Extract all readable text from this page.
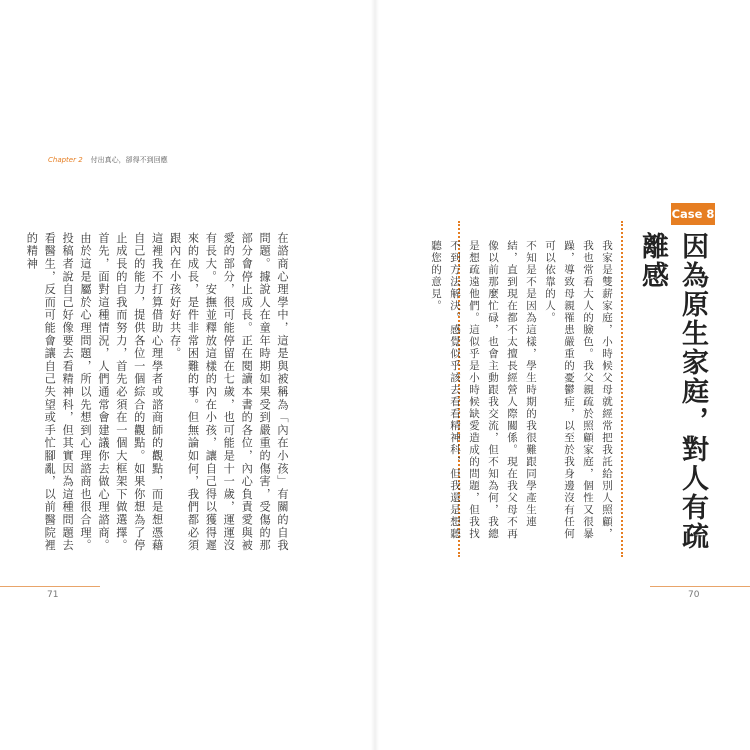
Chapter 2 付出真心，卻得不到回應

在諮商心理學中，這是與被稱為「內在小孩」有關的自我問題。據說人在童年時期如果受到嚴重的傷害，受傷的那部分會停止成長。正在閱讀本書的各位，內心負責愛與被愛的部分，很可能停留在七歲，也可能是十一歲，運運沒有長大。安撫並釋放這樣的內在小孩，讓自己得以獲得遲來的成長，是件非常困難的事。但無論如何，我們都必須跟內在小孩好好共存。

這裡我不打算借助心理學者或諮商師的觀點，而是想憑藉自己的能力，提供各位一個綜合的觀點。如果你想為了停止成長的自我而努力，首先必須在一個大框架下做選擇。

首先，面對這種情況，人們通常會建議你去做心理諮商。由於這是屬於心理問題，所以先想到心理諮商也很合理。投稿者說自己好像要去看精神科，但其實因為這種問題去看醫生，反而可能會讓自己失望或手忙腳亂，以前醫院裡的精神	我家是雙薪家庭，小時候父母就經常把我託給別人照顧，我也常看大人的臉色。我父親疏於照顧家庭，個性又很暴躁，導致母親罹患嚴重的憂鬱症，以至於我身邊沒有任何可以依靠的人。

不知是不是因為這樣，學生時期的我很難跟同學產生連結，直到現在都不太擅長經營人際關係。現在我父母不再像以前那麼忙碌，也會主動跟我交流，但不知為何，我總是想疏遠他們。這似乎是小時候缺愛造成的問題，但我找不到方法解決。感覺似乎該去看看精神科，但我還是想聽聽您的意見。

Case 8
因為原生家庭，對人有疏離感
71	70
